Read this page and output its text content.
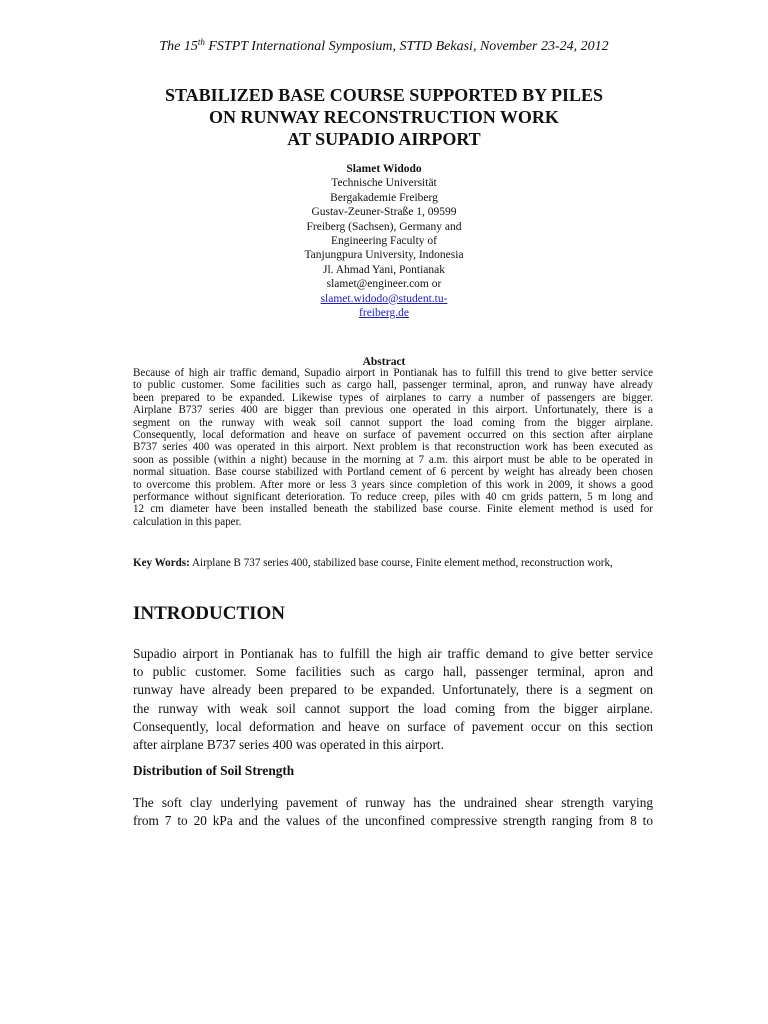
The 15th FSTPT International Symposium, STTD Bekasi, November 23-24, 2012
STABILIZED BASE COURSE SUPPORTED BY PILES
ON RUNWAY RECONSTRUCTION WORK
AT SUPADIO AIRPORT
Slamet Widodo
Technische Universität
Bergakademie Freiberg
Gustav-Zeuner-Straße 1, 09599
Freiberg (Sachsen), Germany and
Engineering Faculty of
Tanjungpura University, Indonesia
Jl. Ahmad Yani, Pontianak
slamet@engineer.com or
slamet.widodo@student.tu-
freiberg.de
Abstract
Because of high air traffic demand, Supadio airport in Pontianak has to fulfill this trend to give better service
to public customer. Some facilities such as cargo hall, passenger terminal, apron, and runway have already
been prepared to be expanded. Likewise types of airplanes to carry a number of passengers are bigger.
Airplane B737 series 400 are bigger than previous one operated in this airport. Unfortunately, there is a
segment on the runway with weak soil cannot support the load coming from the bigger airplane.
Consequently, local deformation and heave on surface of pavement occurred on this section after airplane
B737 series 400 was operated in this airport. Next problem is that reconstruction work has been executed as
soon as possible (within a night) because in the morning at 7 a.m. this airport must be able to be operated in
normal situation. Base course stabilized with Portland cement of 6 percent by weight has already been chosen
to overcome this problem. After more or less 3 years since completion of this work in 2009, it shows a good
performance without significant deterioration. To reduce creep, piles with 40 cm grids pattern, 5 m long and
12 cm diameter have been installed beneath the stabilized base course. Finite element method is used for
calculation in this paper.
Key Words: Airplane B 737 series 400, stabilized base course, Finite element method, reconstruction work,
INTRODUCTION
Supadio airport in Pontianak has to fulfill the high air traffic demand to give better service
to public customer. Some facilities such as cargo hall, passenger terminal, apron and
runway have already been prepared to be expanded. Unfortunately, there is a segment on
the runway with weak soil cannot support the load coming from the bigger airplane.
Consequently, local deformation and heave on surface of pavement occur on this section
after airplane B737 series 400 was operated in this airport.
Distribution of Soil Strength
The soft clay underlying pavement of runway has the undrained shear strength varying
from 7 to 20 kPa and the values of the unconfined compressive strength ranging from 8 to
